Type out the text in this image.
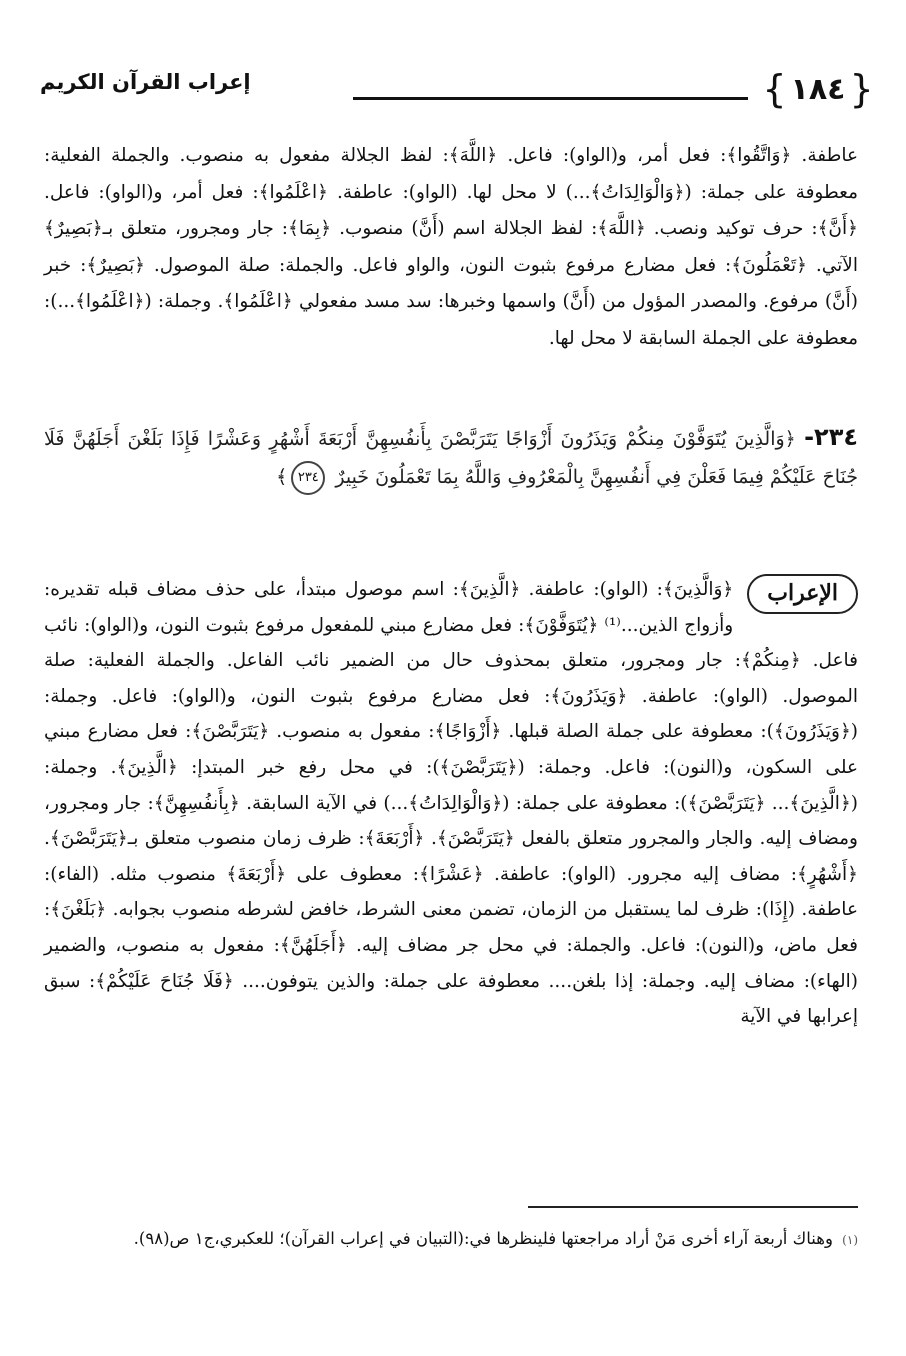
{
١٨٤
}
إعراب القرآن الكريم
عاطفة. ﴿وَاتَّقُوا﴾: فعل أمر، و(الواو): فاعل. ﴿اللَّهَ﴾: لفظ الجلالة مفعول به منصوب. والجملة الفعلية: معطوفة على جملة: (﴿وَالْوَالِدَاتُ﴾...) لا محل لها. (الواو): عاطفة. ﴿اعْلَمُوا﴾: فعل أمر، و(الواو): فاعل. ﴿أَنَّ﴾: حرف توكيد ونصب. ﴿اللَّهَ﴾: لفظ الجلالة اسم (أَنَّ) منصوب. ﴿بِمَا﴾: جار ومجرور، متعلق بـ﴿بَصِيرٌ﴾ الآتي. ﴿تَعْمَلُونَ﴾: فعل مضارع مرفوع بثبوت النون، والواو فاعل. والجملة: صلة الموصول. ﴿بَصِيرٌ﴾: خبر (أَنَّ) مرفوع. والمصدر المؤول من (أَنَّ) واسمها وخبرها: سد مسد مفعولي ﴿اعْلَمُوا﴾. وجملة: (﴿اعْلَمُوا﴾...): معطوفة على الجملة السابقة لا محل لها.
٢٣٤- ﴿وَالَّذِينَ يُتَوَفَّوْنَ مِنكُمْ وَيَذَرُونَ أَزْوَاجًا يَتَرَبَّصْنَ بِأَنفُسِهِنَّ أَرْبَعَةَ أَشْهُرٍ وَعَشْرًا فَإِذَا بَلَغْنَ أَجَلَهُنَّ فَلَا جُنَاحَ عَلَيْكُمْ فِيمَا فَعَلْنَ فِي أَنفُسِهِنَّ بِالْمَعْرُوفِ وَاللَّهُ بِمَا تَعْمَلُونَ خَبِيرٌ ٢٣٤﴾
الإعراب
﴿وَالَّذِينَ﴾: (الواو): عاطفة. ﴿الَّذِينَ﴾: اسم موصول مبتدأ، على حذف مضاف قبله تقديره: وأزواج الذين...⁽¹⁾ ﴿يُتَوَفَّوْنَ﴾: فعل مضارع مبني للمفعول مرفوع بثبوت النون، و(الواو): نائب فاعل. ﴿مِنكُمْ﴾: جار ومجرور، متعلق بمحذوف حال من الضمير نائب الفاعل. والجملة الفعلية: صلة الموصول. (الواو): عاطفة. ﴿وَيَذَرُونَ﴾: فعل مضارع مرفوع بثبوت النون، و(الواو): فاعل. وجملة: (﴿وَيَذَرُونَ﴾): معطوفة على جملة الصلة قبلها. ﴿أَزْوَاجًا﴾: مفعول به منصوب. ﴿يَتَرَبَّصْنَ﴾: فعل مضارع مبني على السكون، و(النون): فاعل. وجملة: (﴿يَتَرَبَّصْنَ﴾): في محل رفع خبر المبتدإ: ﴿الَّذِينَ﴾. وجملة: (﴿الَّذِينَ﴾... ﴿يَتَرَبَّصْنَ﴾): معطوفة على جملة: (﴿وَالْوَالِدَاتُ﴾...) في الآية السابقة. ﴿بِأَنفُسِهِنَّ﴾: جار ومجرور، ومضاف إليه. والجار والمجرور متعلق بالفعل ﴿يَتَرَبَّصْنَ﴾. ﴿أَرْبَعَةَ﴾: ظرف زمان منصوب متعلق بـ﴿يَتَرَبَّصْنَ﴾. ﴿أَشْهُرٍ﴾: مضاف إليه مجرور. (الواو): عاطفة. ﴿عَشْرًا﴾: معطوف على ﴿أَرْبَعَةَ﴾ منصوب مثله. (الفاء): عاطفة. (إِذَا): ظرف لما يستقبل من الزمان، تضمن معنى الشرط، خافض لشرطه منصوب بجوابه. ﴿بَلَغْنَ﴾: فعل ماض، و(النون): فاعل. والجملة: في محل جر مضاف إليه. ﴿أَجَلَهُنَّ﴾: مفعول به منصوب، والضمير (الهاء): مضاف إليه. وجملة: إذا بلغن.... معطوفة على جملة: والذين يتوفون.... ﴿فَلَا جُنَاحَ عَلَيْكُمْ﴾: سبق إعرابها في الآية
(١) وهناك أربعة آراء أخرى مَنْ أراد مراجعتها فلينظرها في:(التبيان في إعراب القرآن)؛ للعكبري،ج١ ص(٩٨).
